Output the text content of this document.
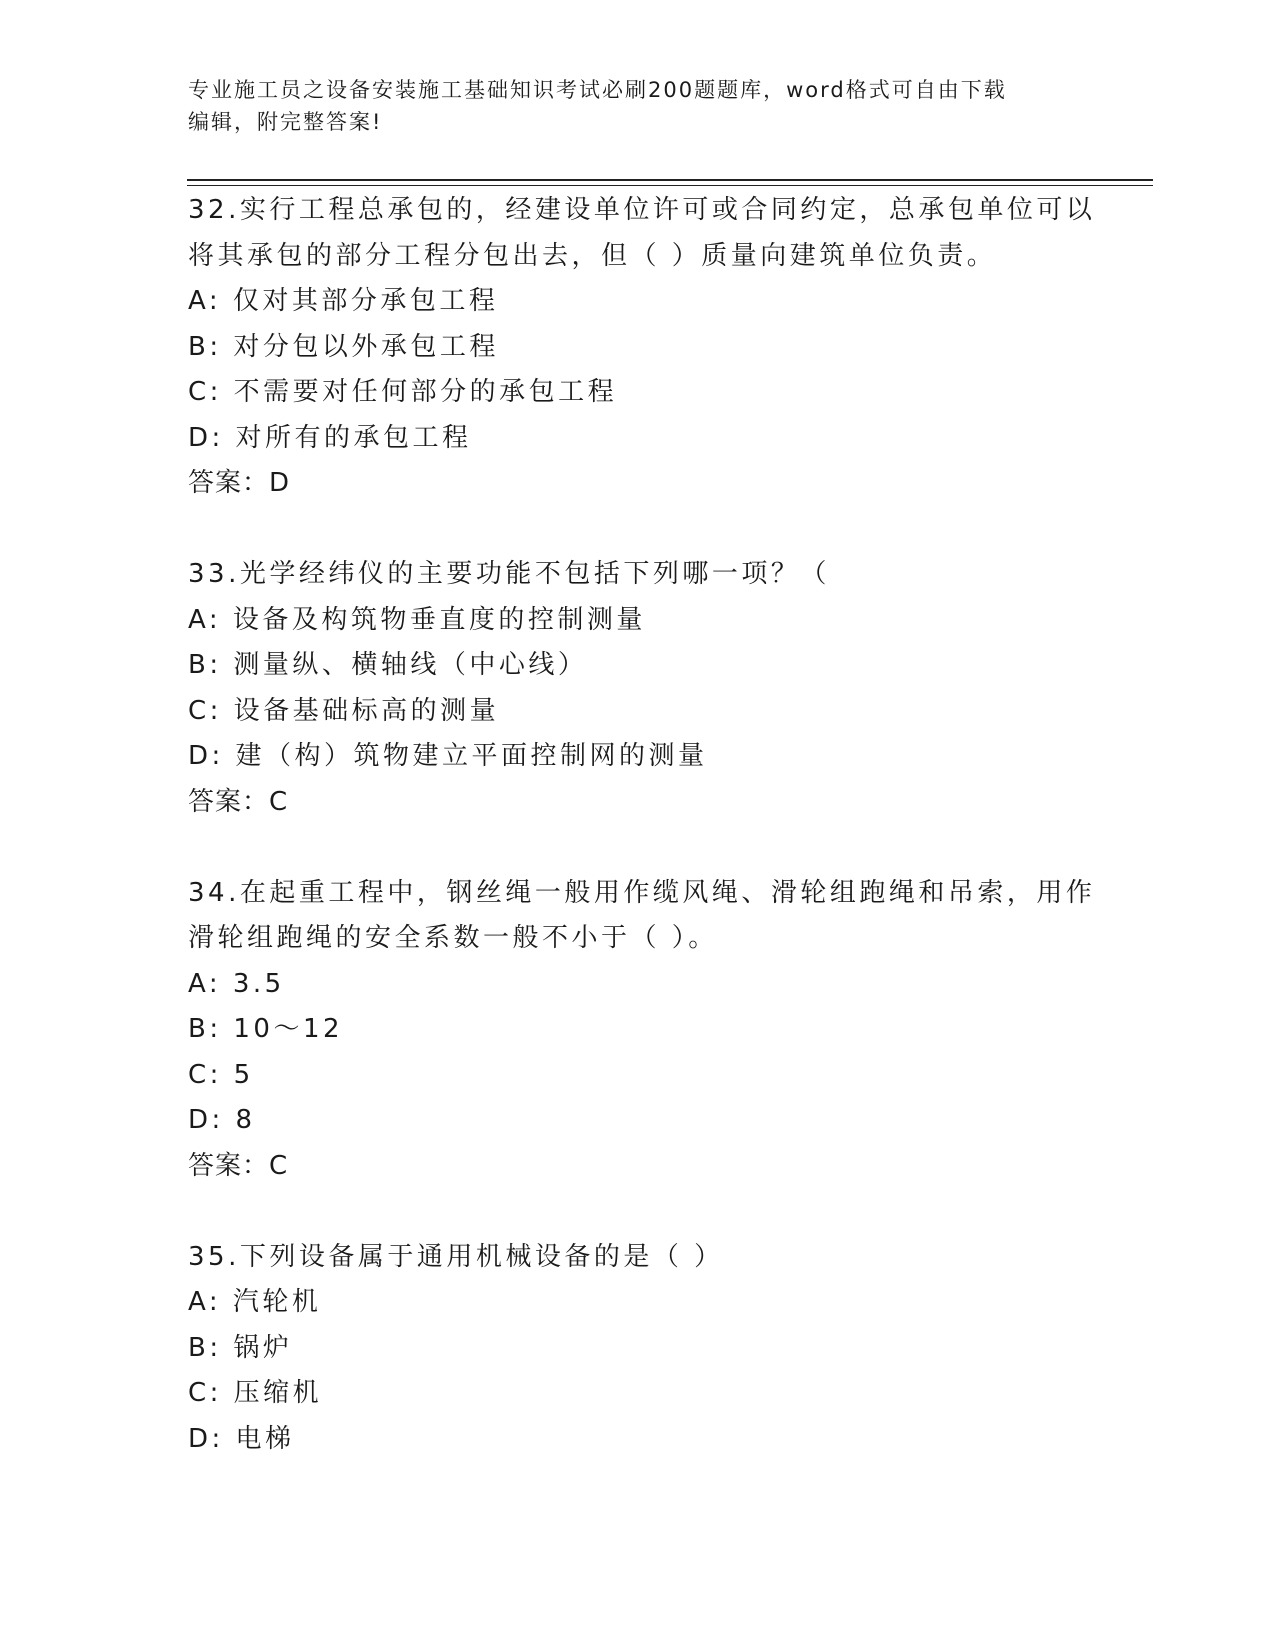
专业施工员之设备安装施工基础知识考试必刷200题题库，word格式可自由下载
编辑，附完整答案!
32.实行工程总承包的，经建设单位许可或合同约定，总承包单位可以
将其承包的部分工程分包出去，但（ ）质量向建筑单位负责。
A: 仅对其部分承包工程
B: 对分包以外承包工程
C: 不需要对任何部分的承包工程
D: 对所有的承包工程
答案：D
33.光学经纬仪的主要功能不包括下列哪一项？（
A: 设备及构筑物垂直度的控制测量
B: 测量纵、横轴线（中心线）
C: 设备基础标高的测量
D: 建（构）筑物建立平面控制网的测量
答案：C
34.在起重工程中，钢丝绳一般用作缆风绳、滑轮组跑绳和吊索，用作
滑轮组跑绳的安全系数一般不小于（ ）。
A: 3.5
B: 10～12
C: 5
D: 8
答案：C
35.下列设备属于通用机械设备的是（ ）
A: 汽轮机
B: 锅炉
C: 压缩机
D: 电梯
